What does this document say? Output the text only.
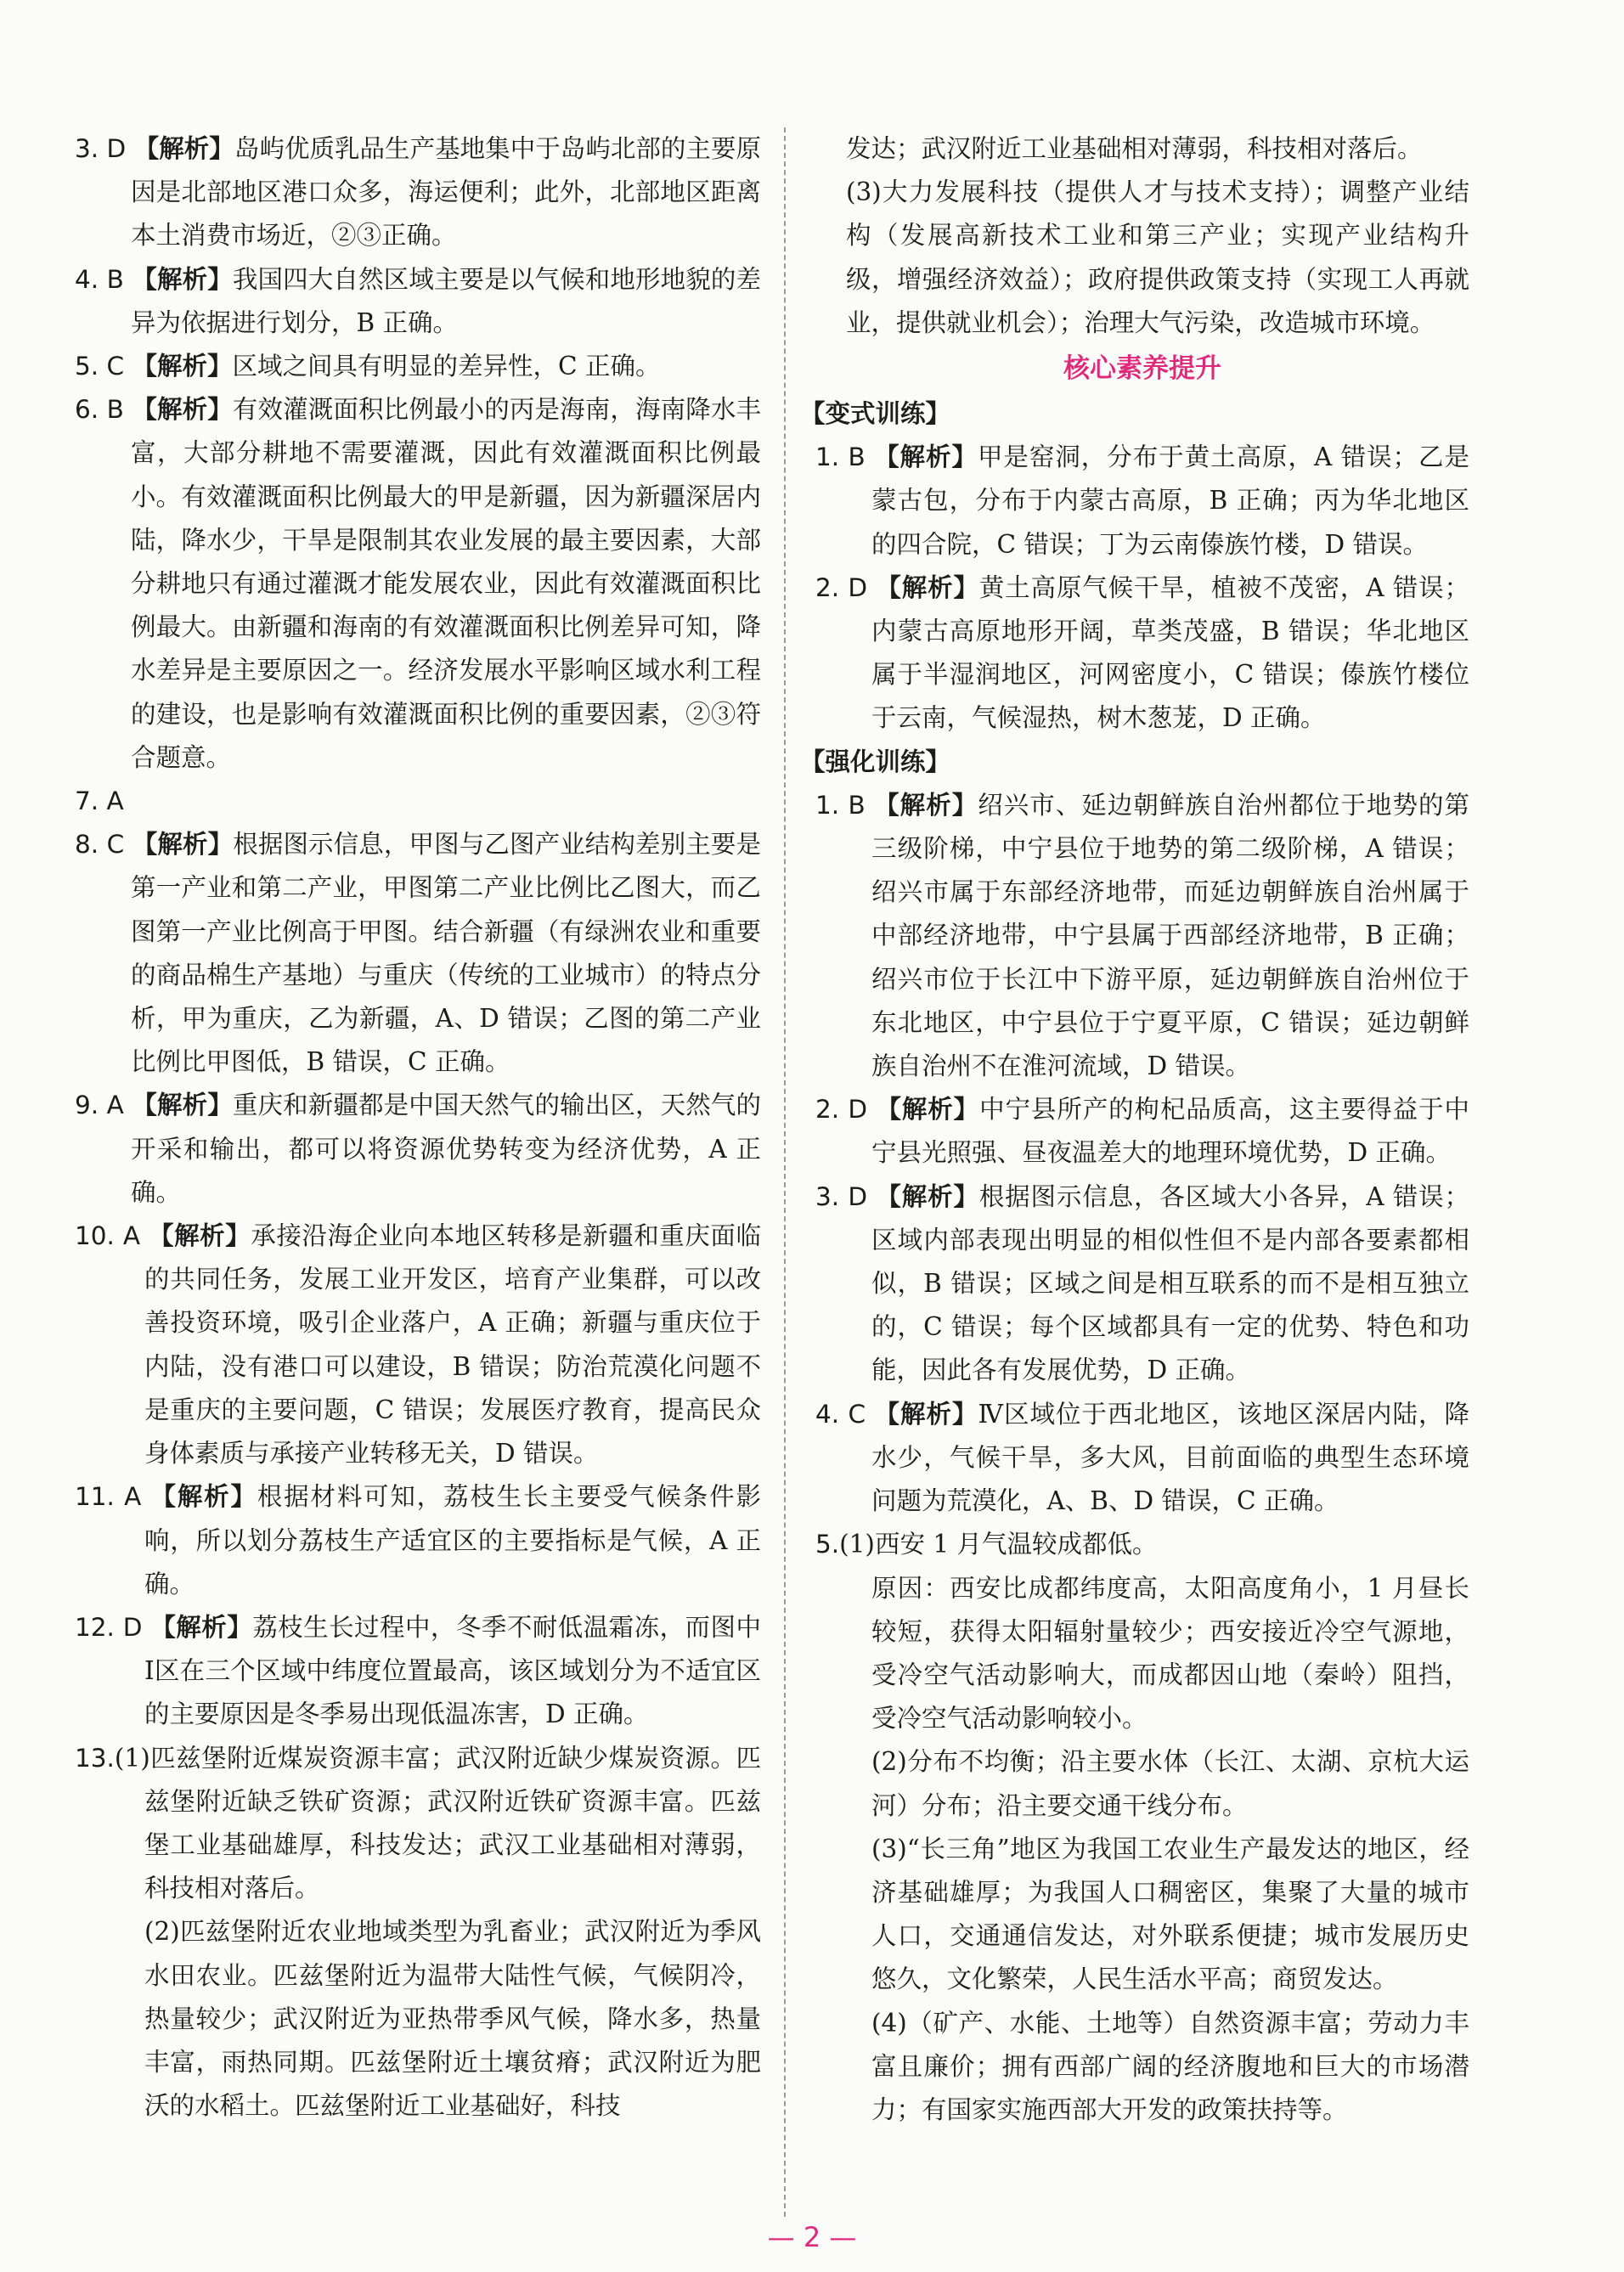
3. D 【解析】岛屿优质乳品生产基地集中于岛屿北部的主要原因是北部地区港口众多，海运便利；此外，北部地区距离本土消费市场近，②③正确。

4. B 【解析】我国四大自然区域主要是以气候和地形地貌的差异为依据进行划分，B 正确。

5. C 【解析】区域之间具有明显的差异性，C 正确。

6. B 【解析】有效灌溉面积比例最小的丙是海南，海南降水丰富，大部分耕地不需要灌溉，因此有效灌溉面积比例最小。有效灌溉面积比例最大的甲是新疆，因为新疆深居内陆，降水少，干旱是限制其农业发展的最主要因素，大部分耕地只有通过灌溉才能发展农业，因此有效灌溉面积比例最大。由新疆和海南的有效灌溉面积比例差异可知，降水差异是主要原因之一。经济发展水平影响区域水利工程的建设，也是影响有效灌溉面积比例的重要因素，②③符合题意。

7. A

8. C 【解析】根据图示信息，甲图与乙图产业结构差别主要是第一产业和第二产业，甲图第二产业比例比乙图大，而乙图第一产业比例高于甲图。结合新疆（有绿洲农业和重要的商品棉生产基地）与重庆（传统的工业城市）的特点分析，甲为重庆，乙为新疆，A、D 错误；乙图的第二产业比例比甲图低，B 错误，C 正确。

9. A 【解析】重庆和新疆都是中国天然气的输出区，天然气的开采和输出，都可以将资源优势转变为经济优势，A 正确。

10. A 【解析】承接沿海企业向本地区转移是新疆和重庆面临的共同任务，发展工业开发区，培育产业集群，可以改善投资环境，吸引企业落户，A 正确；新疆与重庆位于内陆，没有港口可以建设，B 错误；防治荒漠化问题不是重庆的主要问题，C 错误；发展医疗教育，提高民众身体素质与承接产业转移无关，D 错误。

11. A 【解析】根据材料可知，荔枝生长主要受气候条件影响，所以划分荔枝生产适宜区的主要指标是气候，A 正确。

12. D 【解析】荔枝生长过程中，冬季不耐低温霜冻，而图中Ⅰ区在三个区域中纬度位置最高，该区域划分为不适宜区的主要原因是冬季易出现低温冻害，D 正确。

13.(1)匹兹堡附近煤炭资源丰富；武汉附近缺少煤炭资源。匹兹堡附近缺乏铁矿资源；武汉附近铁矿资源丰富。匹兹堡工业基础雄厚，科技发达；武汉工业基础相对薄弱，科技相对落后。
(2)匹兹堡附近农业地域类型为乳畜业；武汉附近为季风水田农业。匹兹堡附近为温带大陆性气候，气候阴冷，热量较少；武汉附近为亚热带季风气候，降水多，热量丰富，雨热同期。匹兹堡附近土壤贫瘠；武汉附近为肥沃的水稻土。匹兹堡附近工业基础好，科技

发达；武汉附近工业基础相对薄弱，科技相对落后。
(3)大力发展科技（提供人才与技术支持）；调整产业结构（发展高新技术工业和第三产业；实现产业结构升级，增强经济效益）；政府提供政策支持（实现工人再就业，提供就业机会）；治理大气污染，改造城市环境。
核心素养提升
【变式训练】

1. B 【解析】甲是窑洞，分布于黄土高原，A 错误；乙是蒙古包，分布于内蒙古高原，B 正确；丙为华北地区的四合院，C 错误；丁为云南傣族竹楼，D 错误。

2. D 【解析】黄土高原气候干旱，植被不茂密，A 错误；内蒙古高原地形开阔，草类茂盛，B 错误；华北地区属于半湿润地区，河网密度小，C 错误；傣族竹楼位于云南，气候湿热，树木葱茏，D 正确。

【强化训练】

1. B 【解析】绍兴市、延边朝鲜族自治州都位于地势的第三级阶梯，中宁县位于地势的第二级阶梯，A 错误；绍兴市属于东部经济地带，而延边朝鲜族自治州属于中部经济地带，中宁县属于西部经济地带，B 正确；绍兴市位于长江中下游平原，延边朝鲜族自治州位于东北地区，中宁县位于宁夏平原，C 错误；延边朝鲜族自治州不在淮河流域，D 错误。

2. D 【解析】中宁县所产的枸杞品质高，这主要得益于中宁县光照强、昼夜温差大的地理环境优势，D 正确。

3. D 【解析】根据图示信息，各区域大小各异，A 错误；区域内部表现出明显的相似性但不是内部各要素都相似，B 错误；区域之间是相互联系的而不是相互独立的，C 错误；每个区域都具有一定的优势、特色和功能，因此各有发展优势，D 正确。

4. C 【解析】Ⅳ区域位于西北地区，该地区深居内陆，降水少，气候干旱，多大风，目前面临的典型生态环境问题为荒漠化，A、B、D 错误，C 正确。

5.(1)西安 1 月气温较成都低。
原因：西安比成都纬度高，太阳高度角小，1 月昼长较短，获得太阳辐射量较少；西安接近冷空气源地，受冷空气活动影响大，而成都因山地（秦岭）阻挡，受冷空气活动影响较小。
(2)分布不均衡；沿主要水体（长江、太湖、京杭大运河）分布；沿主要交通干线分布。
(3)“长三角”地区为我国工农业生产最发达的地区，经济基础雄厚；为我国人口稠密区，集聚了大量的城市人口，交通通信发达，对外联系便捷；城市发展历史悠久，文化繁荣，人民生活水平高；商贸发达。
(4)（矿产、水能、土地等）自然资源丰富；劳动力丰富且廉价；拥有西部广阔的经济腹地和巨大的市场潜力；有国家实施西部大开发的政策扶持等。

— 2 —
